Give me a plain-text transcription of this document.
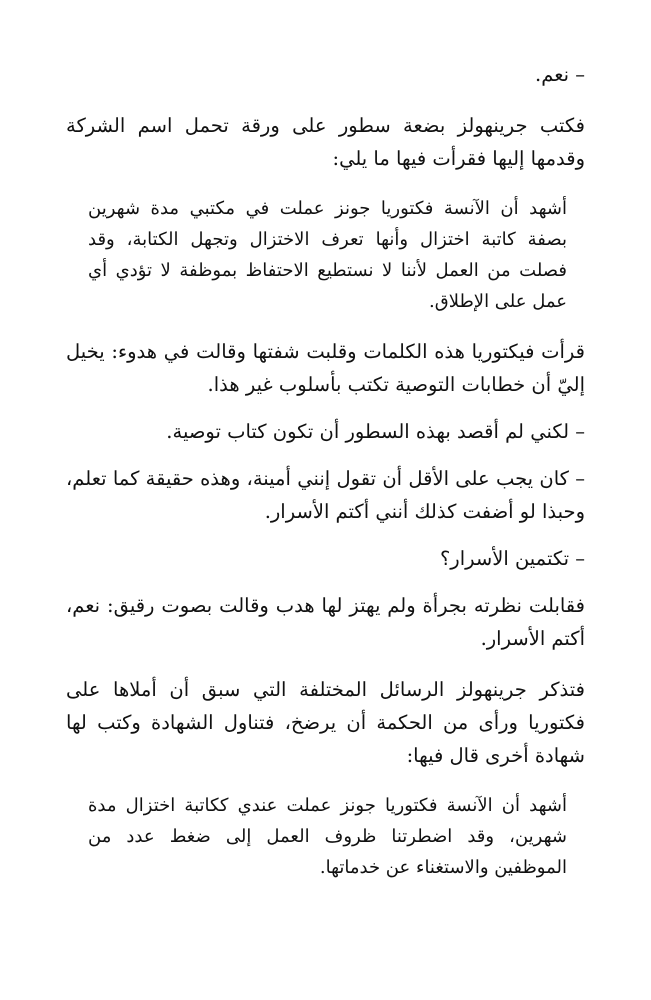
– نعم.

فكتب جرينهولز بضعة سطور على ورقة تحمل اسم الشركة وقدمها إليها فقرأت فيها ما يلي:

أشهد أن الآنسة فكتوريا جونز عملت في مكتبي مدة شهرين بصفة كاتبة اختزال وأنها تعرف الاختزال وتجهل الكتابة، وقد فصلت من العمل لأننا لا نستطيع الاحتفاظ بموظفة لا تؤدي أي عمل على الإطلاق.

قرأت فيكتوريا هذه الكلمات وقلبت شفتها وقالت في هدوء: يخيل إليّ أن خطابات التوصية تكتب بأسلوب غير هذا.

– لكني لم أقصد بهذه السطور أن تكون كتاب توصية.

– كان يجب على الأقل أن تقول إنني أمينة، وهذه حقيقة كما تعلم، وحبذا لو أضفت كذلك أنني أكتم الأسرار.

– تكتمين الأسرار؟

فقابلت نظرته بجرأة ولم يهتز لها هدب وقالت بصوت رقيق: نعم، أكتم الأسرار.

فتذكر جرينهولز الرسائل المختلفة التي سبق أن أملاها على فكتوريا ورأى من الحكمة أن يرضخ، فتناول الشهادة وكتب لها شهادة أخرى قال فيها:

أشهد أن الآنسة فكتوريا جونز عملت عندي ككاتبة اختزال مدة شهرين، وقد اضطرتنا ظروف العمل إلى ضغط عدد من الموظفين والاستغناء عن خدماتها.
